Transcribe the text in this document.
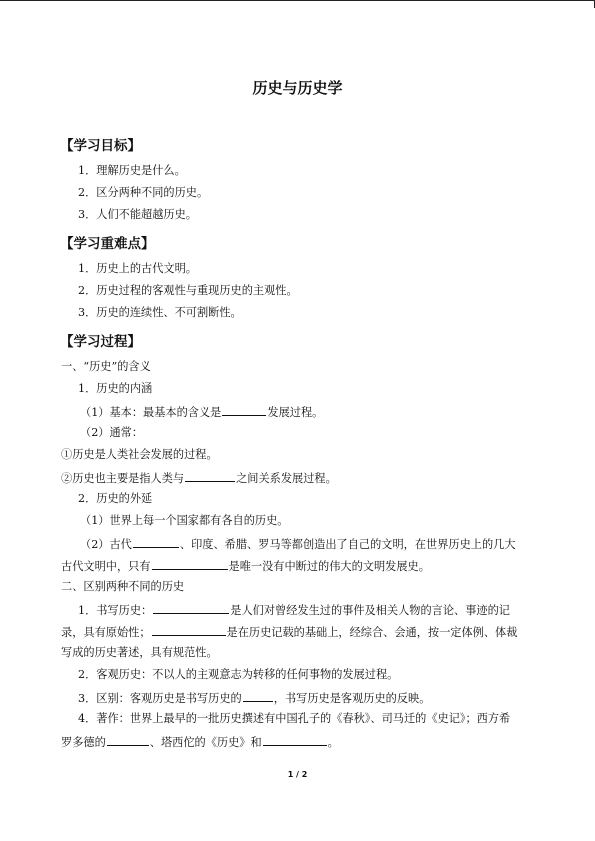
历史与历史学
【学习目标】
1．理解历史是什么。
2．区分两种不同的历史。
3．人们不能超越历史。
【学习重难点】
1．历史上的古代文明。
2．历史过程的客观性与重现历史的主观性。
3．历史的连续性、不可割断性。
【学习过程】
一、“历史”的含义
1．历史的内涵
（1）基本：最基本的含义是	发展过程。
（2）通常：
①历史是人类社会发展的过程。
②历史也主要是指人类与	之间关系发展过程。
2．历史的外延
（1）世界上每一个国家都有各自的历史。
（2）古代	、印度、希腊、罗马等都创造出了自己的文明，在世界历史上的几大
古代文明中，只有	是唯一没有中断过的伟大的文明发展史。
二、区别两种不同的历史
1．书写历史：	是人们对曾经发生过的事件及相关人物的言论、事迹的记
录，具有原始性；	是在历史记载的基础上，经综合、会通，按一定体例、体裁
写成的历史著述，具有规范性。
2．客观历史：不以人的主观意志为转移的任何事物的发展过程。
3．区别：客观历史是书写历史的	，书写历史是客观历史的反映。
4．著作：世界上最早的一批历史撰述有中国孔子的《春秋》、司马迁的《史记》；西方希
罗多德的	、塔西佗的《历史》和	。
1 / 2
